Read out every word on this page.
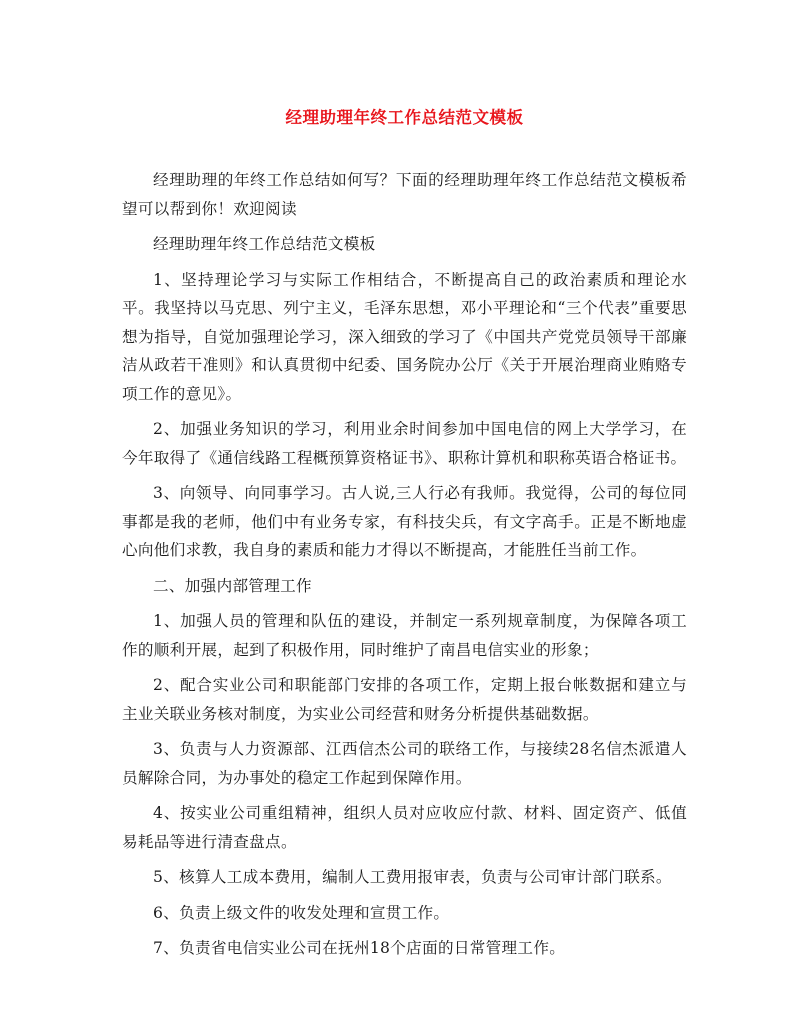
经理助理年终工作总结范文模板

经理助理的年终工作总结如何写？下面的经理助理年终工作总结范文模板希望可以帮到你！欢迎阅读

经理助理年终工作总结范文模板

1、坚持理论学习与实际工作相结合，不断提高自己的政治素质和理论水平。我坚持以马克思、列宁主义，毛泽东思想，邓小平理论和“三个代表”重要思想为指导，自觉加强理论学习，深入细致的学习了《中国共产党党员领导干部廉洁从政若干准则》和认真贯彻中纪委、国务院办公厅《关于开展治理商业贿赂专项工作的意见》。

2、加强业务知识的学习，利用业余时间参加中国电信的网上大学学习，在今年取得了《通信线路工程概预算资格证书》、职称计算机和职称英语合格证书。

3、向领导、向同事学习。古人说,三人行必有我师。我觉得，公司的每位同事都是我的老师，他们中有业务专家，有科技尖兵，有文字高手。正是不断地虚心向他们求教，我自身的素质和能力才得以不断提高，才能胜任当前工作。

二、加强内部管理工作

1、加强人员的管理和队伍的建设，并制定一系列规章制度，为保障各项工作的顺利开展，起到了积极作用，同时维护了南昌电信实业的形象；

2、配合实业公司和职能部门安排的各项工作，定期上报台帐数据和建立与主业关联业务核对制度，为实业公司经营和财务分析提供基础数据。

3、负责与人力资源部、江西信杰公司的联络工作，与接续28名信杰派遣人员解除合同，为办事处的稳定工作起到保障作用。

4、按实业公司重组精神，组织人员对应收应付款、材料、固定资产、低值易耗品等进行清查盘点。

5、核算人工成本费用，编制人工费用报审表，负责与公司审计部门联系。

6、负责上级文件的收发处理和宣贯工作。

7、负责省电信实业公司在抚州18个店面的日常管理工作。
